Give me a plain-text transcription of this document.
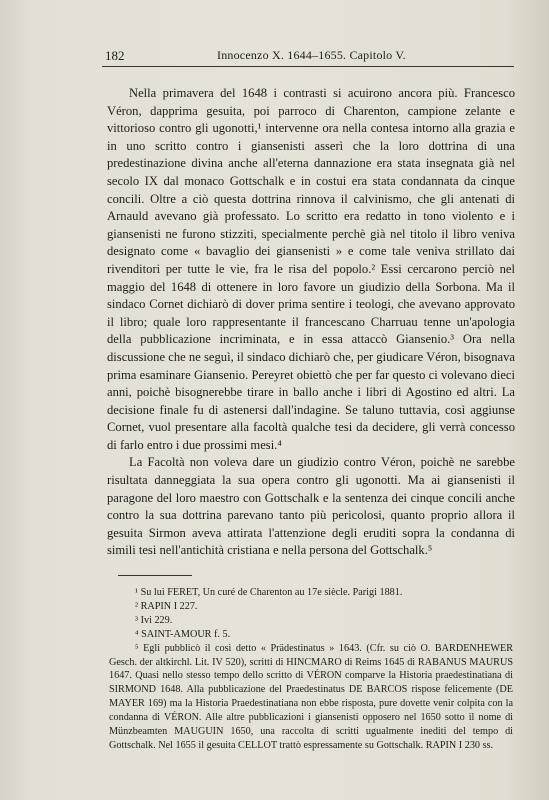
182	Innocenzo X. 1644–1655. Capitolo V.

Nella primavera del 1648 i contrasti si acuirono ancora più. Francesco Véron, dapprima gesuita, poi parroco di Charenton, campione zelante e vittorioso contro gli ugonotti,¹ intervenne ora nella contesa intorno alla grazia e in uno scritto contro i giansenisti asserì che la loro dottrina di una predestinazione divina anche all'eterna dannazione era stata insegnata già nel secolo IX dal monaco Gottschalk e in costui era stata condannata da cinque concili. Oltre a ciò questa dottrina rinnova il calvinismo, che gli antenati di Arnauld avevano già professato. Lo scritto era redatto in tono violento e i giansenisti ne furono stizziti, specialmente perchè già nel titolo il libro veniva designato come « bavaglio dei giansenisti » e come tale veniva strillato dai rivenditori per tutte le vie, fra le risa del popolo.² Essi cercarono perciò nel maggio del 1648 di ottenere in loro favore un giudizio della Sorbona. Ma il sindaco Cornet dichiarò di dover prima sentire i teologi, che avevano approvato il libro; quale loro rappresentante il francescano Charruau tenne un'apologia della pubblicazione incriminata, e in essa attaccò Giansenio.³ Ora nella discussione che ne seguì, il sindaco dichiarò che, per giudicare Véron, bisognava prima esaminare Giansenio. Pereyret obiettò che per far questo ci volevano dieci anni, poichè bisognerebbe tirare in ballo anche i libri di Agostino ed altri. La decisione finale fu di astenersi dall'indagine. Se taluno tuttavia, così aggiunse Cornet, vuol presentare alla facoltà qualche tesi da decidere, gli verrà concesso di farlo entro i due prossimi mesi.⁴

La Facoltà non voleva dare un giudizio contro Véron, poichè ne sarebbe risultata danneggiata la sua opera contro gli ugonotti. Ma ai giansenisti il paragone del loro maestro con Gottschalk e la sentenza dei cinque concili anche contro la sua dottrina parevano tanto più pericolosi, quanto proprio allora il gesuita Sirmon aveva attirata l'attenzione degli eruditi sopra la condanna di simili tesi nell'antichità cristiana e nella persona del Gottschalk.⁵

¹ Su lui FERET, Un curé de Charenton au 17e siècle. Parigi 1881.

² RAPIN I 227.

³ Ivi 229.

⁴ SAINT-AMOUR f. 5.

⁵ Egli pubblicò il così detto « Prädestinatus » 1643. (Cfr. su ciò O. BARDENHEWER Gesch. der altkirchl. Lit. IV 520), scritti di HINCMARO di Reims 1645 di RABANUS MAURUS 1647. Quasi nello stesso tempo dello scritto di VÉRON comparve la Historia praedestinatiana di SIRMOND 1648. Alla pubblicazione del Praedestinatus DE BARCOS rispose felicemente (DE MAYER 169) ma la Historia Praedestinatiana non ebbe risposta, pure dovette venir colpita con la condanna di VÉRON. Alle altre pubblicazioni i giansenisti opposero nel 1650 sotto il nome di Münzbeamten MAUGUIN 1650, una raccolta di scritti ugualmente inediti del tempo di Gottschalk. Nel 1655 il gesuita CELLOT trattò espressamente su Gottschalk. RAPIN I 230 ss.
